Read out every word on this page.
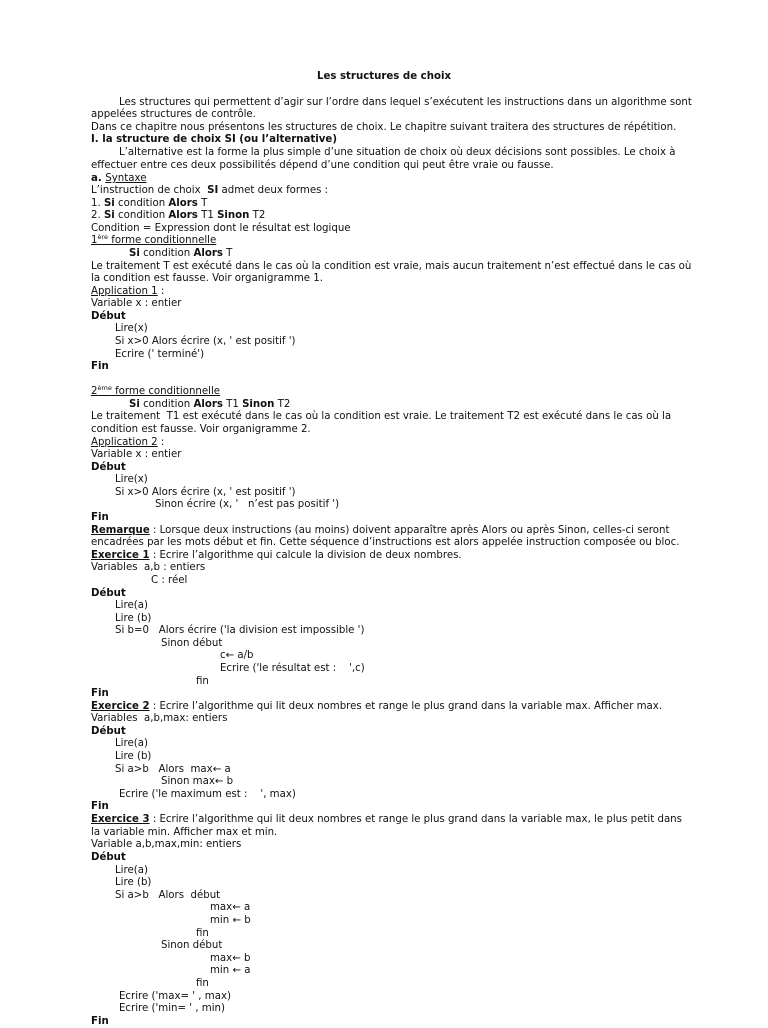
Les structures de choix
Les structures qui permettent d’agir sur l’ordre dans lequel s’exécutent les instructions dans un algorithme sont
appelées structures de contrôle.
Dans ce chapitre nous présentons les structures de choix. Le chapitre suivant traitera des structures de répétition.
I. la structure de choix SI (ou l’alternative)
L’alternative est la forme la plus simple d’une situation de choix où deux décisions sont possibles. Le choix à
effectuer entre ces deux possibilités dépend d’une condition qui peut être vraie ou fausse.
a. Syntaxe
L’instruction de choix  SI admet deux formes :
1. Si condition Alors T
2. Si condition Alors T1 Sinon T2
Condition = Expression dont le résultat est logique
1ère forme conditionnelle
Si condition Alors T
Le traitement T est exécuté dans le cas où la condition est vraie, mais aucun traitement n’est effectué dans le cas où
la condition est fausse. Voir organigramme 1.
Application 1 :
Variable x : entier
Début
Lire(x)
Si x>0 Alors écrire (x, ' est positif ')
Ecrire (' terminé')
Fin
2ème forme conditionnelle
Si condition Alors T1 Sinon T2
Le traitement  T1 est exécuté dans le cas où la condition est vraie. Le traitement T2 est exécuté dans le cas où la
condition est fausse. Voir organigramme 2.
Application 2 :
Variable x : entier
Début
Lire(x)
Si x>0 Alors écrire (x, ' est positif ')
Sinon écrire (x, '   n’est pas positif ')
Fin
Remarque : Lorsque deux instructions (au moins) doivent apparaître après Alors ou après Sinon, celles-ci seront
encadrées par les mots début et fin. Cette séquence d’instructions est alors appelée instruction composée ou bloc.
Exercice 1 : Ecrire l’algorithme qui calcule la division de deux nombres.
Variables  a,b : entiers
C : réel
Début
Lire(a)
Lire (b)
Si b=0   Alors écrire ('la division est impossible ')
Sinon début
c← a/b
Ecrire ('le résultat est :    ',c)
fin
Fin
Exercice 2 : Ecrire l’algorithme qui lit deux nombres et range le plus grand dans la variable max. Afficher max.
Variables  a,b,max: entiers
Début
Lire(a)
Lire (b)
Si a>b   Alors  max← a
Sinon max← b
Ecrire ('le maximum est :    ', max)
Fin
Exercice 3 : Ecrire l’algorithme qui lit deux nombres et range le plus grand dans la variable max, le plus petit dans
la variable min. Afficher max et min.
Variable a,b,max,min: entiers
Début
Lire(a)
Lire (b)
Si a>b   Alors  début
max← a
min ← b
fin
Sinon début
max← b
min ← a
fin
Ecrire ('max= ' , max)
Ecrire ('min= ' , min)
Fin
